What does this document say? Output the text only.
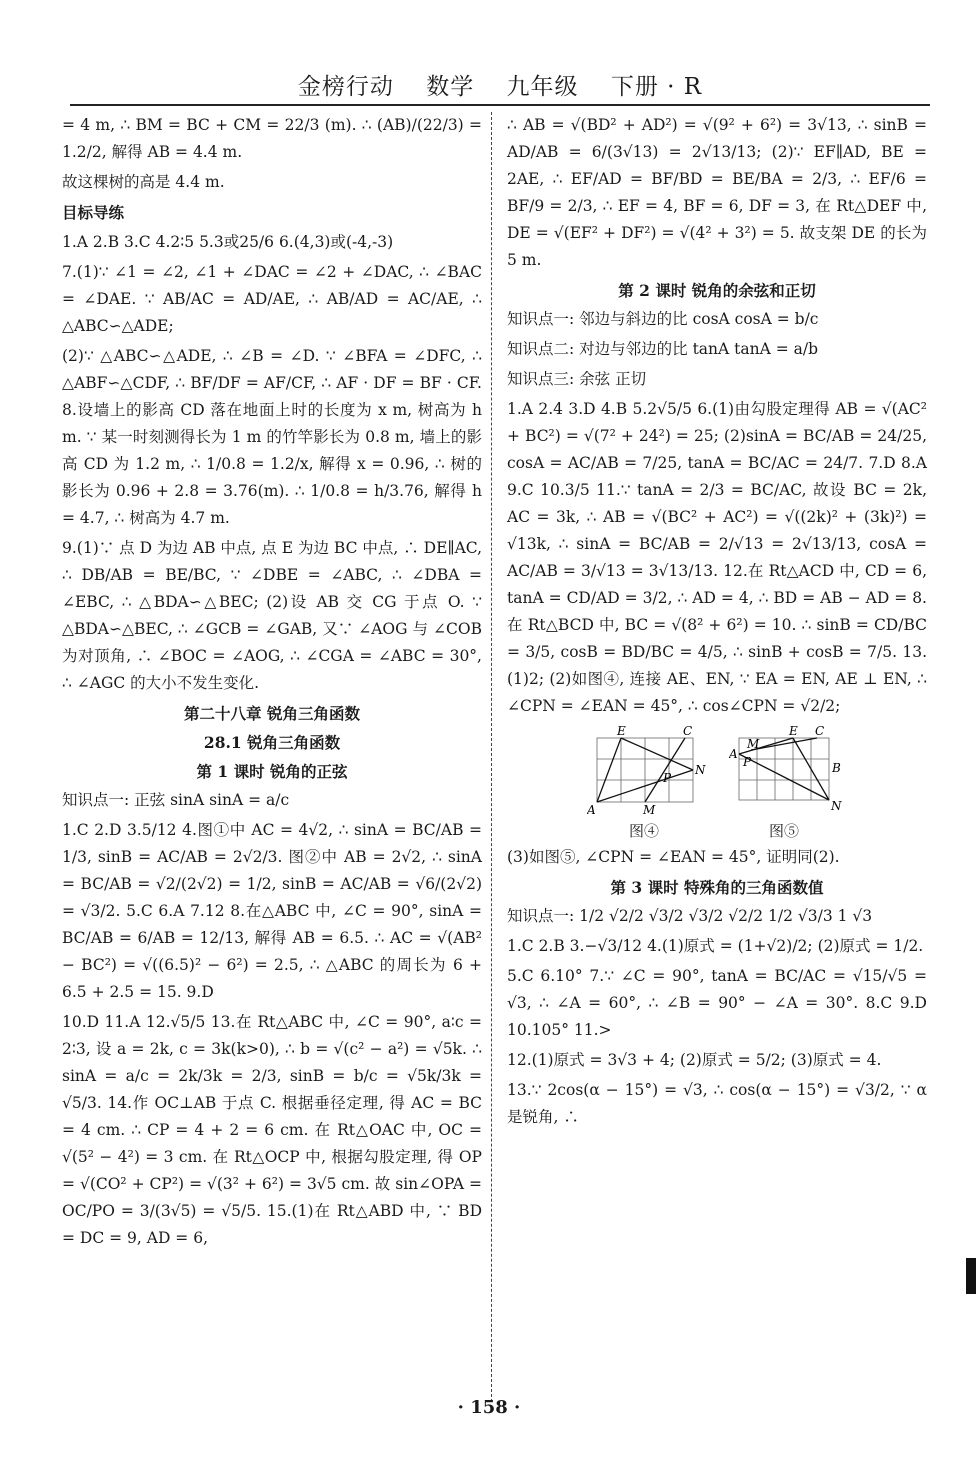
金榜行动 数学 九年级 下册 · R

= 4 m, ∴ BM = BC + CM = 22/3 (m). ∴ (AB)/(22/3) = 1.2/2, 解得 AB = 4.4 m.

故这棵树的高是 4.4 m.

目标导练

1.A 2.B 3.C 4.2∶5 5.3或25/6 6.(4,3)或(-4,-3)

7.(1)∵ ∠1 = ∠2, ∠1 + ∠DAC = ∠2 + ∠DAC, ∴ ∠BAC = ∠DAE. ∵ AB/AC = AD/AE, ∴ AB/AD = AC/AE, ∴ △ABC∽△ADE;

(2)∵ △ABC∽△ADE, ∴ ∠B = ∠D. ∵ ∠BFA = ∠DFC, ∴ △ABF∽△CDF, ∴ BF/DF = AF/CF, ∴ AF · DF = BF · CF. 8.设墙上的影高 CD 落在地面上时的长度为 x m, 树高为 h m. ∵ 某一时刻测得长为 1 m 的竹竿影长为 0.8 m, 墙上的影高 CD 为 1.2 m, ∴ 1/0.8 = 1.2/x, 解得 x = 0.96, ∴ 树的影长为 0.96 + 2.8 = 3.76(m). ∴ 1/0.8 = h/3.76, 解得 h = 4.7, ∴ 树高为 4.7 m.

9.(1)∵ 点 D 为边 AB 中点, 点 E 为边 BC 中点, ∴ DE∥AC, ∴ DB/AB = BE/BC, ∵ ∠DBE = ∠ABC, ∴ ∠DBA = ∠EBC, ∴ △BDA∽△BEC; (2)设 AB 交 CG 于点 O. ∵ △BDA∽△BEC, ∴ ∠GCB = ∠GAB, 又∵ ∠AOG 与 ∠COB 为对顶角, ∴ ∠BOC = ∠AOG, ∴ ∠CGA = ∠ABC = 30°, ∴ ∠AGC 的大小不发生变化.

第二十八章 锐角三角函数

28.1 锐角三角函数

第 1 课时 锐角的正弦

知识点一: 正弦 sinA sinA = a/c

1.C 2.D 3.5/12 4.图①中 AC = 4√2, ∴ sinA = BC/AB = 1/3, sinB = AC/AB = 2√2/3. 图②中 AB = 2√2, ∴ sinA = BC/AB = √2/(2√2) = 1/2, sinB = AC/AB = √6/(2√2) = √3/2. 5.C 6.A 7.12 8.在△ABC 中, ∠C = 90°, sinA = BC/AB = 6/AB = 12/13, 解得 AB = 6.5. ∴ AC = √(AB² − BC²) = √((6.5)² − 6²) = 2.5, ∴ △ABC 的周长为 6 + 6.5 + 2.5 = 15. 9.D

10.D 11.A 12.√5/5 13.在 Rt△ABC 中, ∠C = 90°, a∶c = 2∶3, 设 a = 2k, c = 3k(k>0), ∴ b = √(c² − a²) = √5k. ∴ sinA = a/c = 2k/3k = 2/3, sinB = b/c = √5k/3k = √5/3. 14.作 OC⊥AB 于点 C. 根据垂径定理, 得 AC = BC = 4 cm. ∴ CP = 4 + 2 = 6 cm. 在 Rt△OAC 中, OC = √(5² − 4²) = 3 cm. 在 Rt△OCP 中, 根据勾股定理, 得 OP = √(CO² + CP²) = √(3² + 6²) = 3√5 cm. 故 sin∠OPA = OC/PO = 3/(3√5) = √5/5. 15.(1)在 Rt△ABD 中, ∵ BD = DC = 9, AD = 6,

∴ AB = √(BD² + AD²) = √(9² + 6²) = 3√13, ∴ sinB = AD/AB = 6/(3√13) = 2√13/13; (2)∵ EF∥AD, BE = 2AE, ∴ EF/AD = BF/BD = BE/BA = 2/3, ∴ EF/6 = BF/9 = 2/3, ∴ EF = 4, BF = 6, DF = 3, 在 Rt△DEF 中, DE = √(EF² + DF²) = √(4² + 3²) = 5. 故支架 DE 的长为 5 m.

第 2 课时 锐角的余弦和正切

知识点一: 邻边与斜边的比 cosA cosA = b/c

知识点二: 对边与邻边的比 tanA tanA = a/b

知识点三: 余弦 正切

1.A 2.4 3.D 4.B 5.2√5/5 6.(1)由勾股定理得 AB = √(AC² + BC²) = √(7² + 24²) = 25; (2)sinA = BC/AB = 24/25, cosA = AC/AB = 7/25, tanA = BC/AC = 24/7. 7.D 8.A 9.C 10.3/5 11.∵ tanA = 2/3 = BC/AC, 故设 BC = 2k, AC = 3k, ∴ AB = √(BC² + AC²) = √((2k)² + (3k)²) = √13k, ∴ sinA = BC/AB = 2/√13 = 2√13/13, cosA = AC/AB = 3/√13 = 3√13/13. 12.在 Rt△ACD 中, CD = 6, tanA = CD/AD = 3/2, ∴ AD = 4, ∴ BD = AB − AD = 8. 在 Rt△BCD 中, BC = √(8² + 6²) = 10. ∴ sinB = CD/BC = 3/5, cosB = BD/BC = 4/5, ∴ sinB + cosB = 7/5. 13.(1)2; (2)如图④, 连接 AE、EN, ∵ EA = EN, AE ⊥ EN, ∴ ∠CPN = ∠EAN = 45°, ∴ cos∠CPN = √2/2;

E	C
A	M
P
N
E C
A
M
P	B
N
图④	图⑤

(3)如图⑤, ∠CPN = ∠EAN = 45°, 证明同(2).

第 3 课时 特殊角的三角函数值

知识点一: 1/2 √2/2 √3/2 √3/2 √2/2 1/2 √3/3 1 √3

1.C 2.B 3.−√3/12 4.(1)原式 = (1+√2)/2; (2)原式 = 1/2.

5.C 6.10° 7.∵ ∠C = 90°, tanA = BC/AC = √15/√5 = √3, ∴ ∠A = 60°, ∴ ∠B = 90° − ∠A = 30°. 8.C 9.D 10.105° 11.>

12.(1)原式 = 3√3 + 4; (2)原式 = 5/2; (3)原式 = 4.

13.∵ 2cos(α − 15°) = √3, ∴ cos(α − 15°) = √3/2, ∵ α 是锐角, ∴

· 158 ·
